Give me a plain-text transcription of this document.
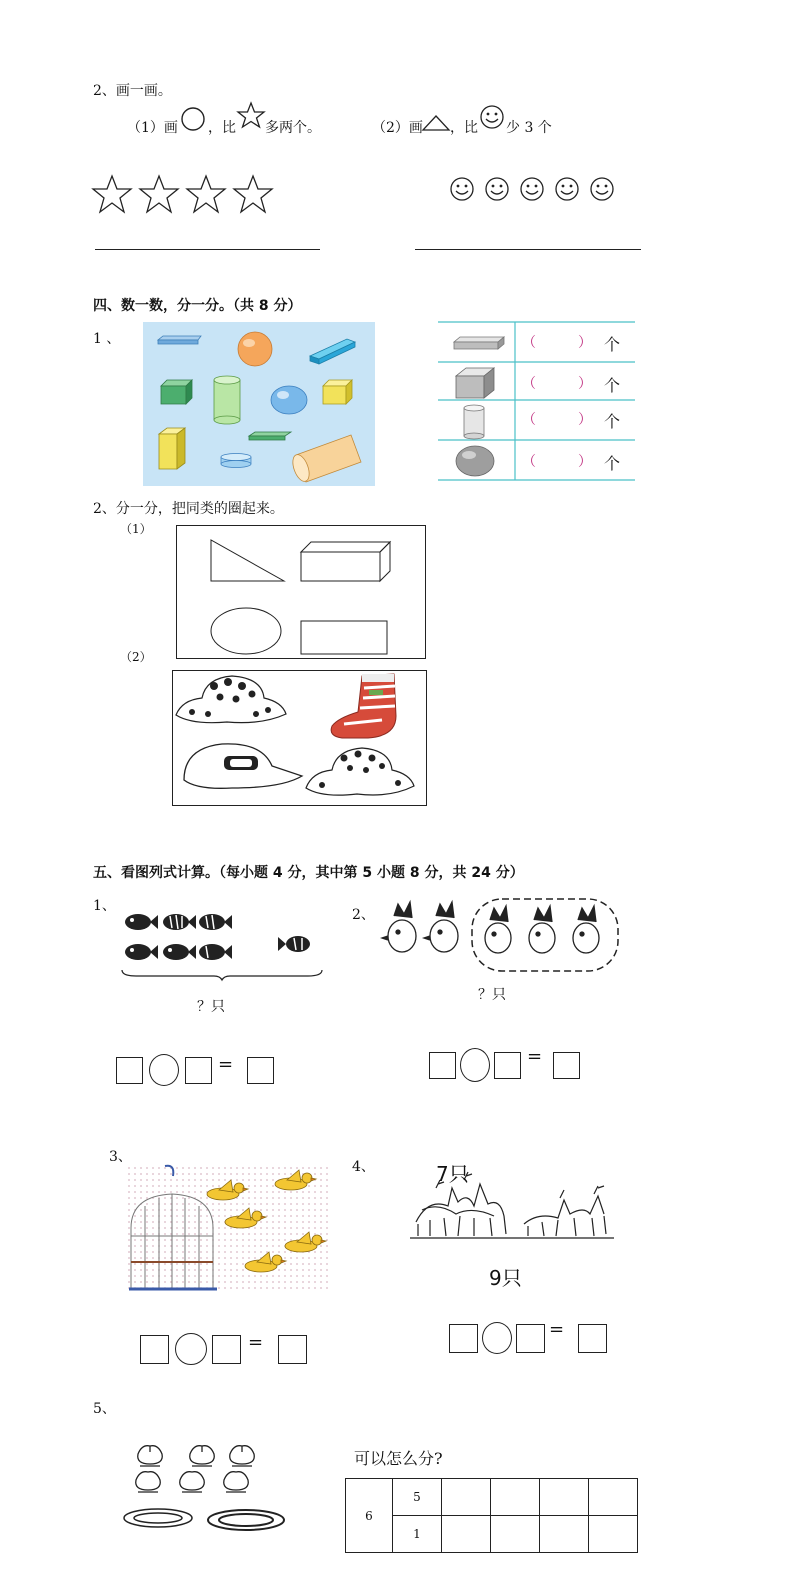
2、画一画。
（1）画 ，比 多两个。	（2）画 ，比 少 3 个
四、数一数，分一分。（共 8 分）
1 、	（	） 个
（	） 个
（	） 个
（	） 个
2、分一分，把同类的圈起来。
（1）
（2）
五、看图列式计算。（每小题 4 分，其中第 5 小题 8 分，共 24 分）
1、
？只
=
2、
？只
=
3、
=
4、	7只
9只
=
5、
可以怎么分?
6	5				
	1				
